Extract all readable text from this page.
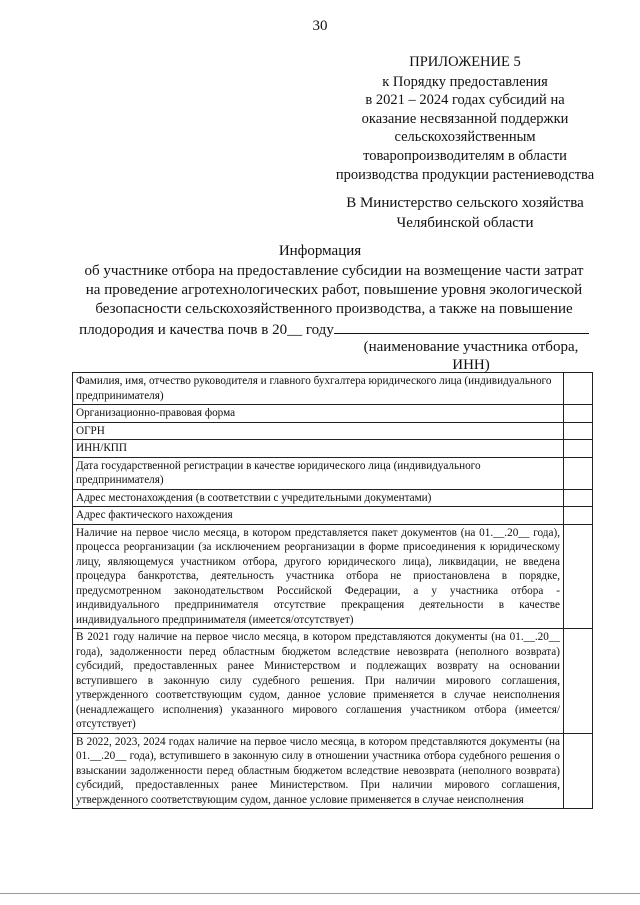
30
ПРИЛОЖЕНИЕ 5
к Порядку предоставления
в 2021 – 2024 годах субсидий на
оказание несвязанной поддержки
сельскохозяйственным
товаропроизводителям в области
производства продукции растениеводства
В Министерство сельского хозяйства
Челябинской области
Информация
об участнике отбора на предоставление субсидии на возмещение части затрат
на проведение агротехнологических работ, повышение уровня экологической
безопасности сельскохозяйственного производства, а также на повышение
плодородия и качества почв в 20__ году
(наименование участника отбора,
ИНН)
Фамилия, имя, отчество руководителя и главного бухгалтера юридического лица (индивидуального предпринимателя)	
Организационно-правовая форма	
ОГРН	
ИНН/КПП	
Дата государственной регистрации в качестве юридического лица (индивидуального предпринимателя)	
Адрес местонахождения (в соответствии с учредительными документами)	
Адрес фактического нахождения	
Наличие на первое число месяца, в котором представляется пакет документов (на 01.__.20__ года), процесса реорганизации (за исключением реорганизации в форме присоединения к юридическому лицу, являющемуся участником отбора, другого юридического лица), ликвидации, не введена процедура банкротства, деятельность участника отбора не приостановлена в порядке, предусмотренном законодательством Российской Федерации, а у участника отбора - индивидуального предпринимателя отсутствие прекращения деятельности в качестве индивидуального предпринимателя (имеется/отсутствует)	
В 2021 году наличие на первое число месяца, в котором представляются документы (на 01.__.20__ года), задолженности перед областным бюджетом вследствие невозврата (неполного возврата) субсидий, предоставленных ранее Министерством и подлежащих возврату на основании вступившего в законную силу судебного решения. При наличии мирового соглашения, утвержденного соответствующим судом, данное условие применяется в случае неисполнения (ненадлежащего исполнения) указанного мирового соглашения участником отбора (имеется/отсутствует)	
В 2022, 2023, 2024 годах наличие на первое число месяца, в котором представляются документы (на 01.__.20__ года), вступившего в законную силу в отношении участника отбора судебного решения о взыскании задолженности перед областным бюджетом вследствие невозврата (неполного возврата) субсидий, предоставленных ранее Министерством. При наличии мирового соглашения, утвержденного соответствующим судом, данное условие применяется в случае неисполнения	
